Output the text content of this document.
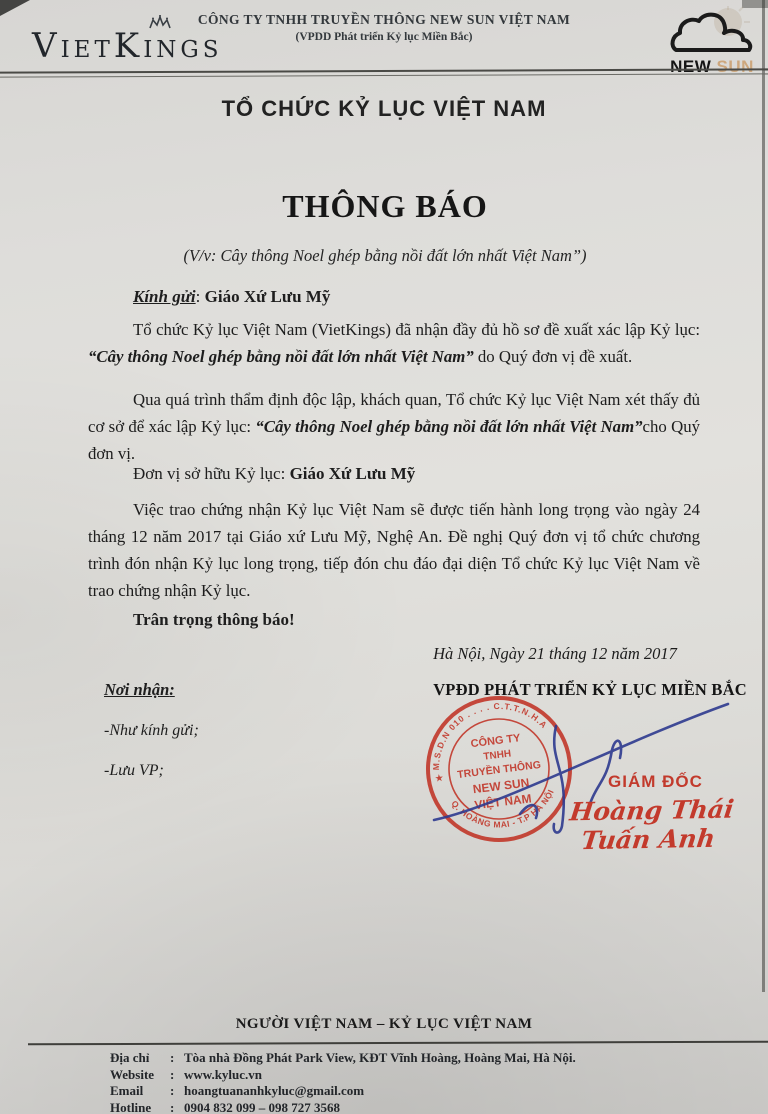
VIETKINGS
CÔNG TY TNHH TRUYỀN THÔNG NEW SUN VIỆT NAM
(VPDD Phát triển Kỷ lục Miền Bắc)
NEW SUN
TỔ CHỨC KỶ LỤC VIỆT NAM
THÔNG BÁO
(V/v: Cây thông Noel ghép bằng nồi đất lớn nhất Việt Nam”)
Kính gửi: Giáo Xứ Lưu Mỹ
Tổ chức Kỷ lục Việt Nam (VietKings) đã nhận đầy đủ hồ sơ đề xuất xác lập Kỷ lục: “Cây thông Noel ghép bằng nồi đất lớn nhất Việt Nam” do Quý đơn vị đề xuất.
Qua quá trình thẩm định độc lập, khách quan, Tổ chức Kỷ lục Việt Nam xét thấy đủ cơ sở để xác lập Kỷ lục: “Cây thông Noel ghép bằng nồi đất lớn nhất Việt Nam”cho Quý đơn vị.
Đơn vị sở hữu Kỷ lục: Giáo Xứ Lưu Mỹ
Việc trao chứng nhận Kỷ lục Việt Nam sẽ được tiến hành long trọng vào ngày 24 tháng 12 năm 2017 tại Giáo xứ Lưu Mỹ, Nghệ An. Đề nghị Quý đơn vị tổ chức chương trình đón nhận Kỷ lục long trọng, tiếp đón chu đáo đại diện Tổ chức Kỷ lục Việt Nam về trao chứng nhận Kỷ lục.
Trân trọng thông báo!
Hà Nội, Ngày 21 tháng 12 năm 2017
VPĐD PHÁT TRIỂN KỶ LỤC MIỀN BẮC
Nơi nhận:
-Như kính gửi;
-Lưu VP;	M.S.D.N 010 . . . . C.T.T.N.H.A
Q. HOÀNG MAI - T.P HÀ NỘI
★
CÔNG TY
TNHH
TRUYỀN THÔNG
NEW SUN
VIỆT NAM
GIÁM ĐỐC
Hoàng Thái Tuấn Anh
NGƯỜI VIỆT NAM – KỶ LỤC VIỆT NAM
Địa chỉ	: Tòa nhà Đồng Phát Park View, KĐT Vĩnh Hoàng, Hoàng Mai, Hà Nội.
Website	: www.kyluc.vn
Email	: hoangtuananhkyluc@gmail.com
Hotline	: 0904 832 099 – 098 727 3568
